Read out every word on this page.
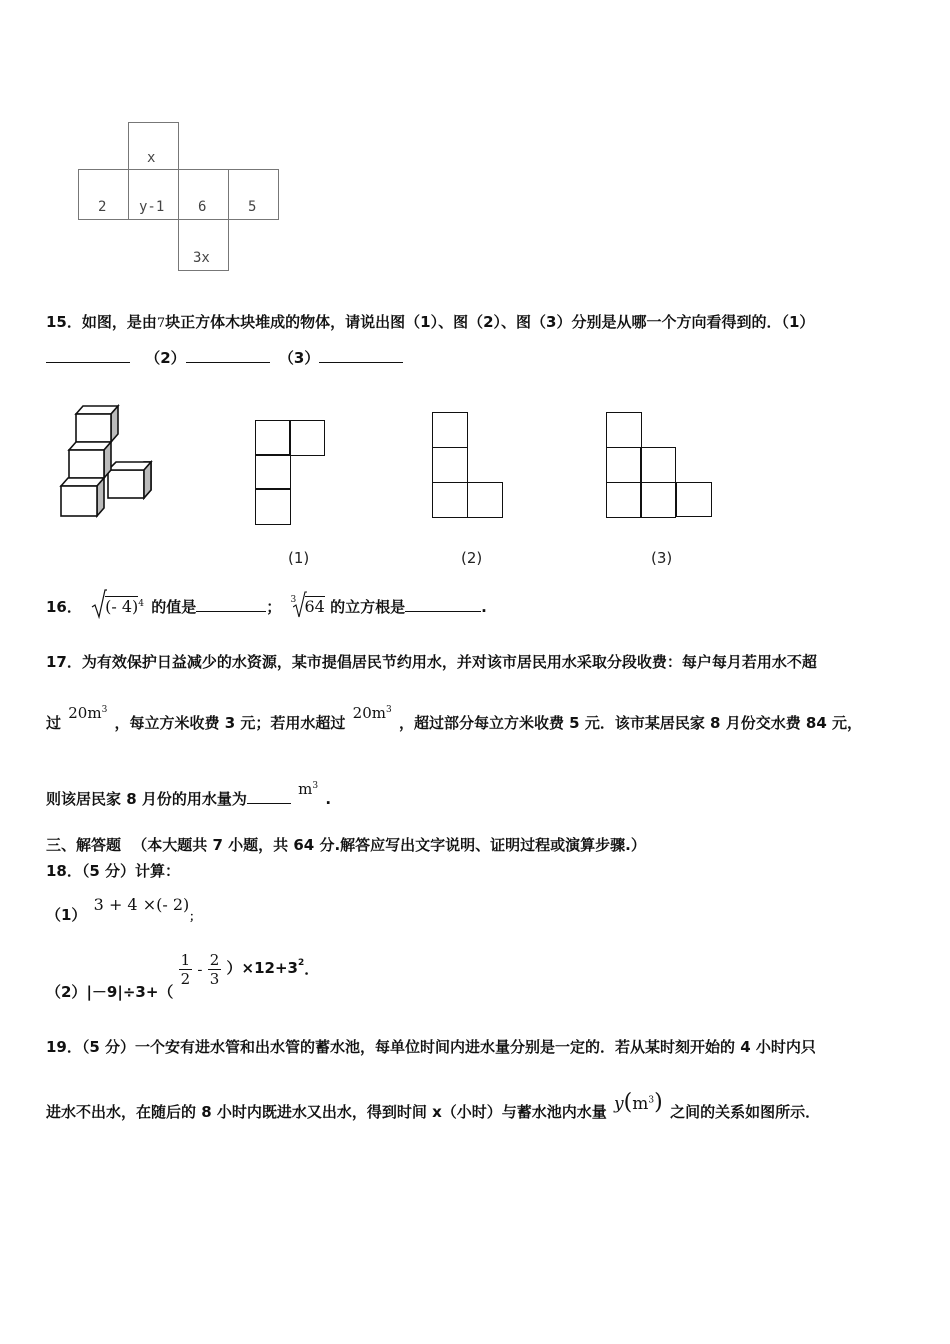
x
2 y-1 6	5
3x
15．如图，是由7块正方体木块堆成的物体，请说出图（1）、图（2）、图（3）分别是从哪一个方向看得到的．（1）
（2）	（3）
(1)	(2)	(3)
16． (- 4)$^4$ 的值是	； 3 64 的立方根是	.
17．为有效保护日益减少的水资源，某市提倡居民节约用水，并对该市居民用水采取分段收费：每户每月若用水不超
过 $20m^3$ ，每立方米收费 3 元；若用水超过 $20m^3$ ，超过部分每立方米收费 5 元．该市某居民家 8 月份交水费 84 元，
则该居民家 8 月份的用水量为 $m^3$ .
三、解答题 （本大题共 7 小题，共 64 分.解答应写出文字说明、证明过程或演算步骤.）
18．（5 分）计算：
（1） 3 + 4 ×(- 2)；
（2）|－9|÷3+（
$\frac{1}{2} - \frac{2}{3} )\times 12+3^2$．
19．（5 分）一个安有进水管和出水管的蓄水池，每单位时间内进水量分别是一定的．若从某时刻开始的 4 小时内只
进水不出水，在随后的 8 小时内既进水又出水，得到时间 x（小时）与蓄水池内水量 $y(m^3)$ 之间的关系如图所示．
